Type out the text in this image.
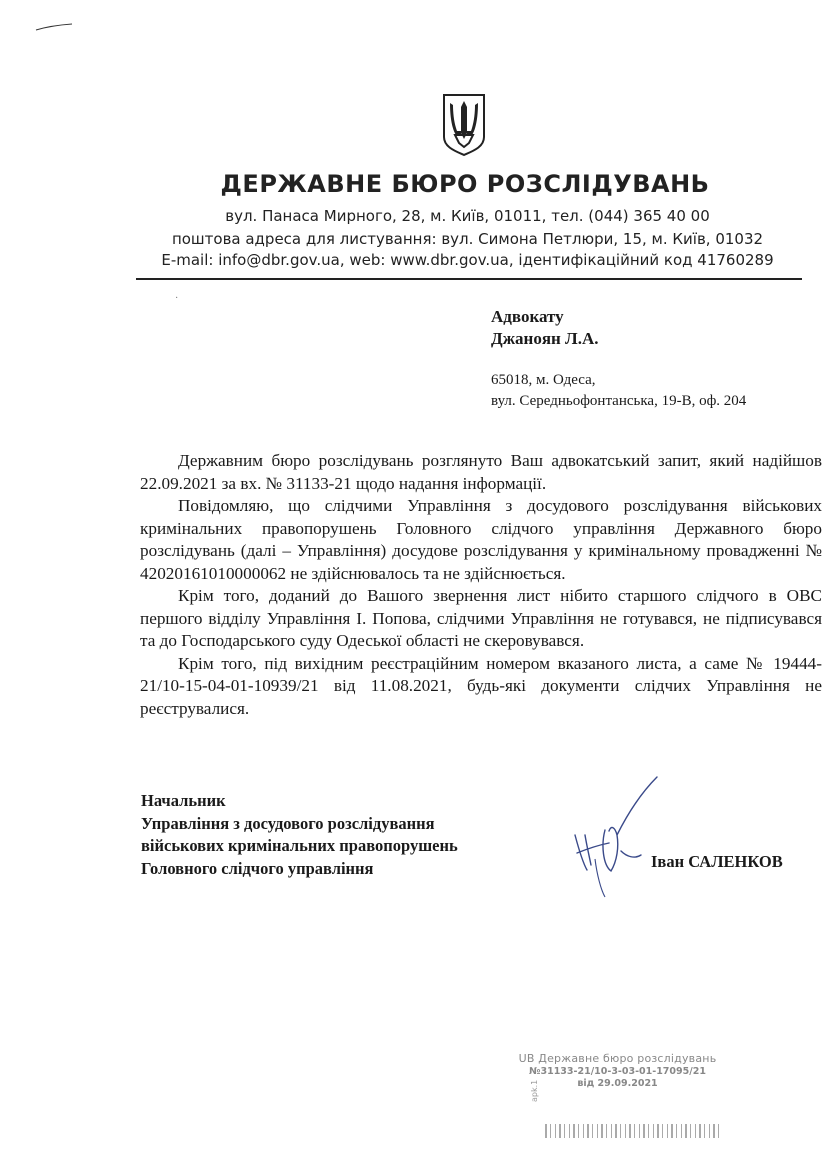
ДЕРЖАВНЕ БЮРО РОЗСЛІДУВАНЬ
вул. Панаса Мирного, 28, м. Київ, 01011, тел. (044) 365 40 00
поштова адреса для листування: вул. Симона Петлюри, 15, м. Київ, 01032
E-mail: info@dbr.gov.ua, web: www.dbr.gov.ua, ідентифікаційний код 41760289
·
Адвокату
Джанoян Л.А.
65018, м. Одеса,
вул. Середньофонтанська, 19-В, оф. 204

Державним бюро розслідувань розглянуто Ваш адвокатський запит, який надійшов 22.09.2021 за вх. № 31133-21 щодо надання інформації.

Повідомляю, що слідчими Управління з досудового розслідування військових кримінальних правопорушень Головного слідчого управління Державного бюро розслідувань (далі – Управління) досудове розслідування у кримінальному провадженні № 42020161010000062 не здійснювалось та не здійснюється.

Крім того, доданий до Вашого звернення лист нібито старшого слідчого в ОВС першого відділу Управління І. Попова, слідчими Управління не готувався, не підписувався та до Господарського суду Одеської області не скеровувався.

Крім того, під вихідним реєстраційним номером вказаного листа, а саме № 19444-21/10-15-04-01-10939/21 від 11.08.2021, будь-які документи слідчих Управління не реєструвалися.

Начальник
Управління з досудового розслідування
військових кримінальних правопорушень
Головного слідчого управління	Іван САЛЕНКОВ
UB Державне бюро розслідувань
№31133-21/10-3-03-01-17095/21
від 29.09.2021
apk.1
